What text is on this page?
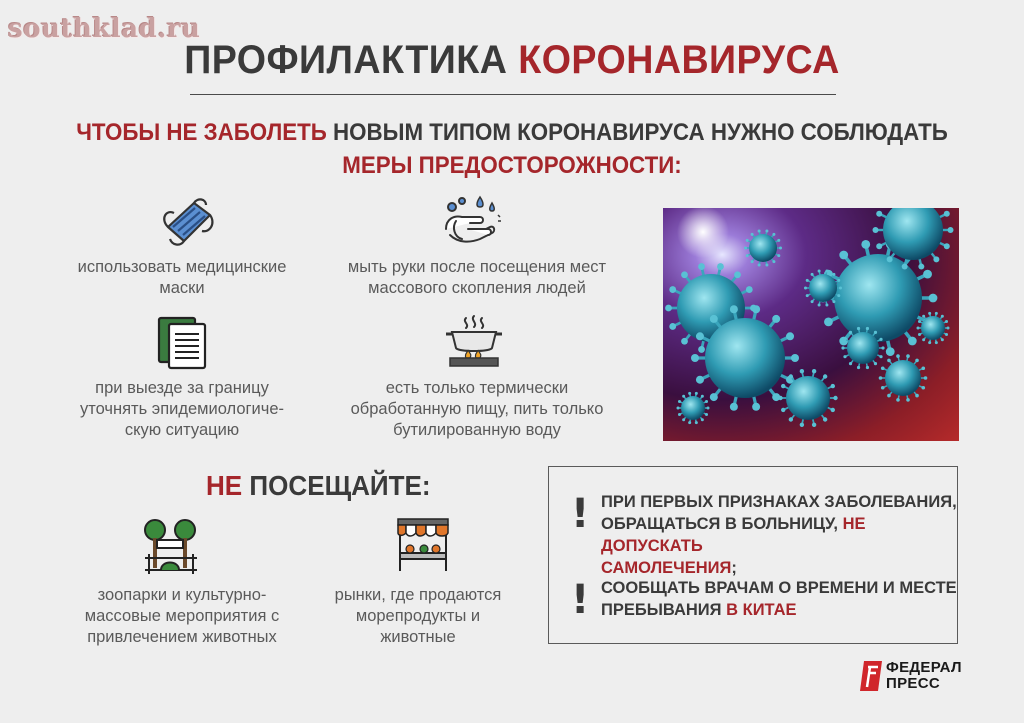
southklad.ru
ПРОФИЛАКТИКА КОРОНАВИРУСА
ЧТОБЫ НЕ ЗАБОЛЕТЬ НОВЫМ ТИПОМ КОРОНАВИРУСА НУЖНО СОБЛЮДАТЬ
МЕРЫ ПРЕДОСТОРОЖНОСТИ:
использовать медицинские
маски
мыть руки после посещения мест
массового скопления людей
при выезде за границу
уточнять эпидемиологиче-
скую ситуацию
есть только термически
обработанную пищу, пить только
бутилированную воду
НЕ ПОСЕЩАЙТЕ:
зоопарки и культурно-
массовые мероприятия с
привлечением животных
рынки, где продаются
морепродукты и
животные
! ПРИ ПЕРВЫХ ПРИЗНАКАХ ЗАБОЛЕВАНИЯ,
ОБРАЩАТЬСЯ В БОЛЬНИЦУ, НЕ ДОПУСКАТЬ
САМОЛЕЧЕНИЯ;
! СООБЩАТЬ ВРАЧАМ О ВРЕМЕНИ И МЕСТЕ
ПРЕБЫВАНИЯ В КИТАЕ
ФЕДЕРАЛ
ПРЕСС
